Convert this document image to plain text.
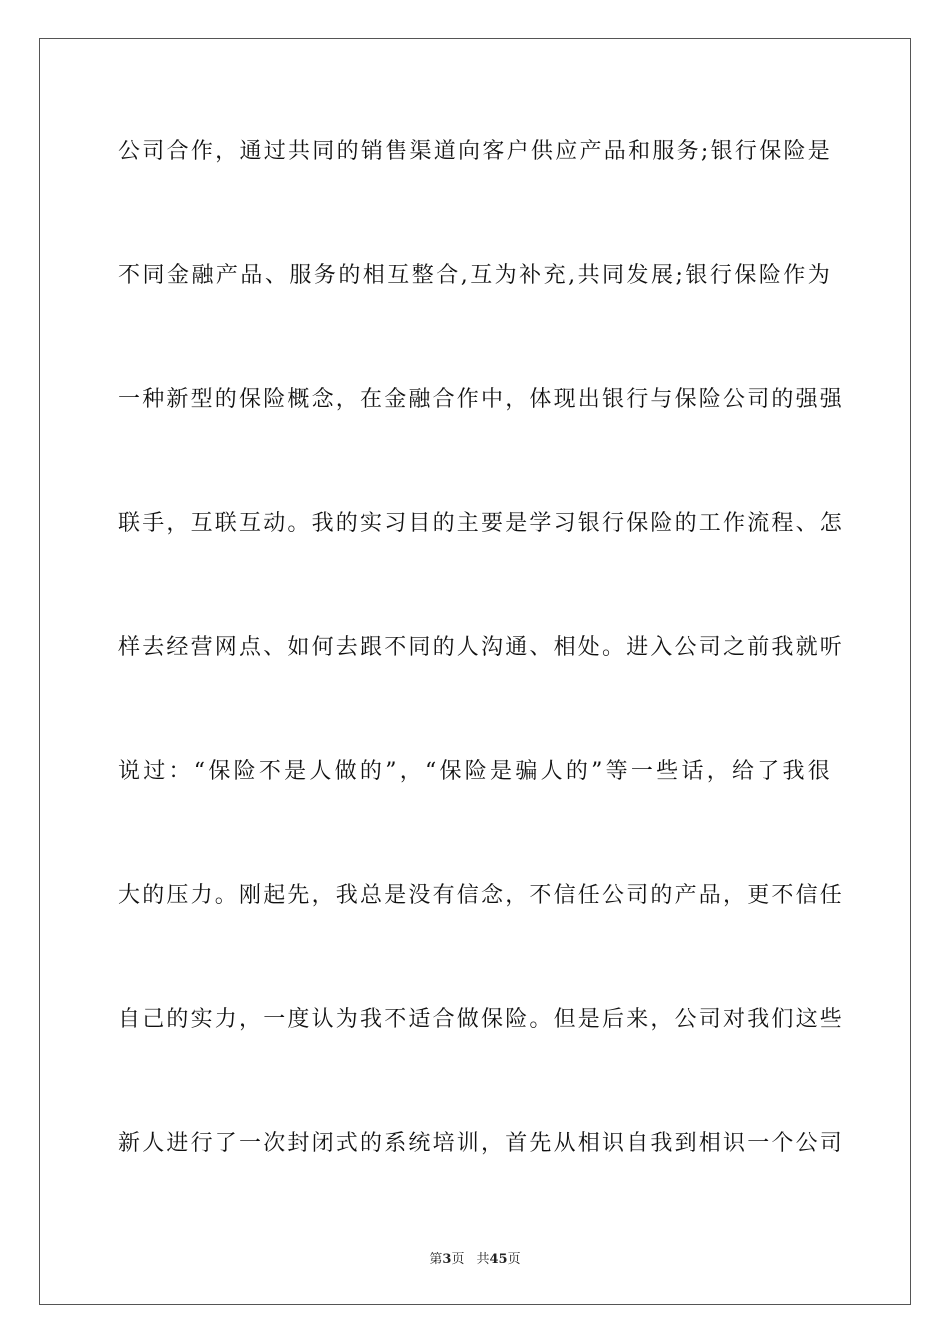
公司合作，通过共同的销售渠道向客户供应产品和服务;银行保险是
不同金融产品、服务的相互整合,互为补充,共同发展;银行保险作为
一种新型的保险概念，在金融合作中，体现出银行与保险公司的强强
联手，互联互动。我的实习目的主要是学习银行保险的工作流程、怎
样去经营网点、如何去跟不同的人沟通、相处。进入公司之前我就听
说过：“保险不是人做的”，“保险是骗人的”等一些话，给了我很
大的压力。刚起先，我总是没有信念，不信任公司的产品，更不信任
自己的实力，一度认为我不适合做保险。但是后来，公司对我们这些
新人进行了一次封闭式的系统培训，首先从相识自我到相识一个公司
第3页 共45页
